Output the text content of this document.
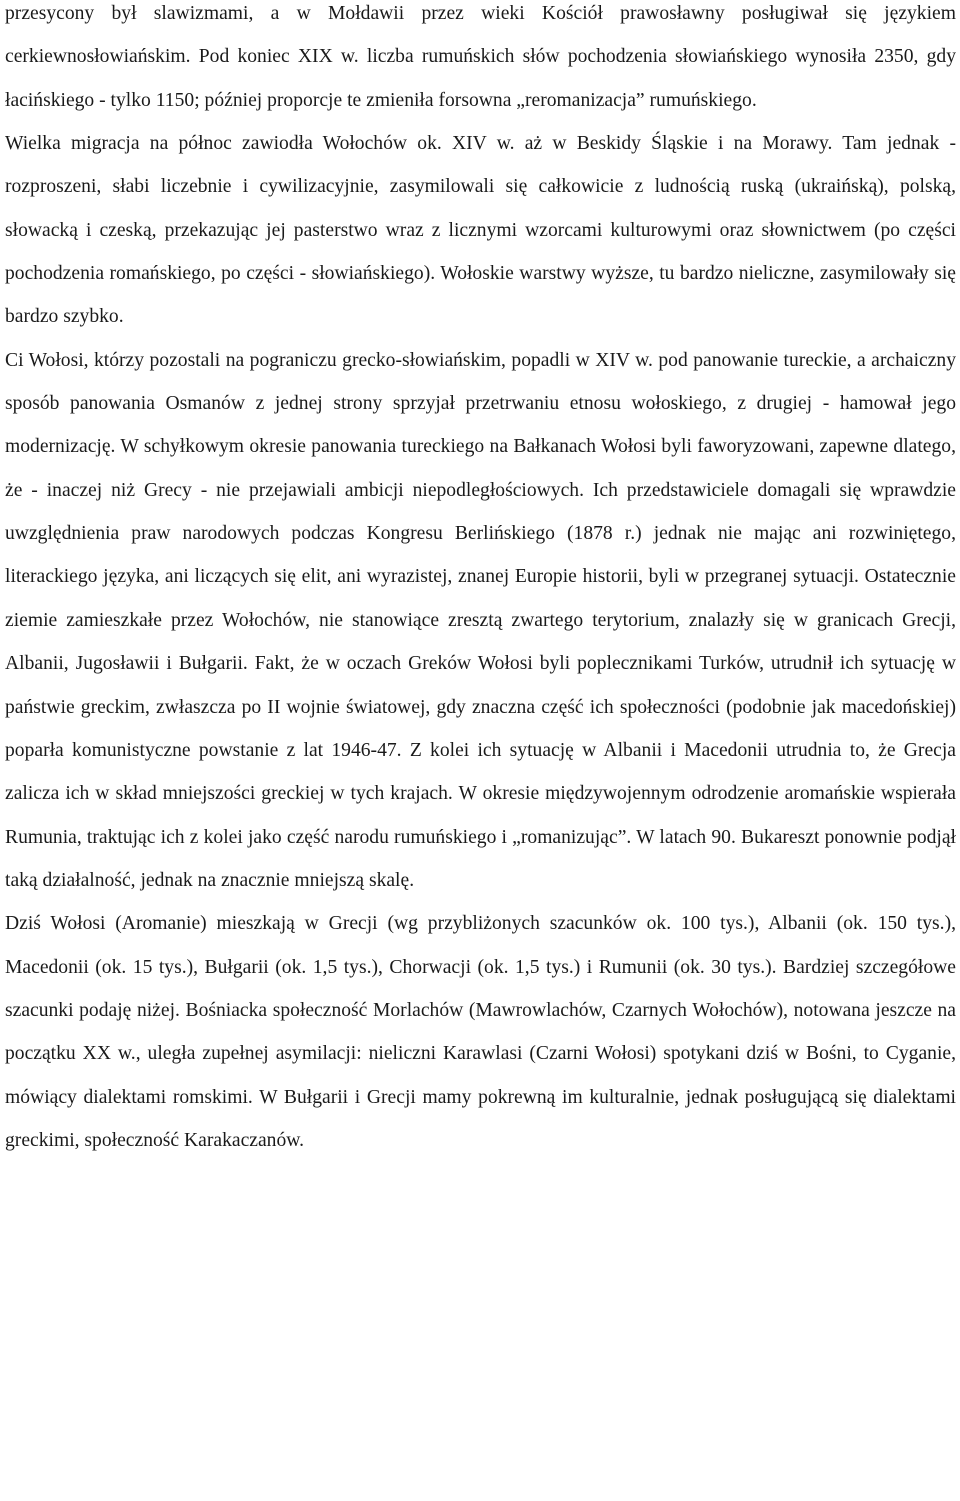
przesycony był slawizmami, a w Mołdawii przez wieki Kościół prawosławny posługiwał się językiem cerkiewnosłowiańskim. Pod koniec XIX w. liczba rumuńskich słów pochodzenia słowiańskiego wynosiła 2350, gdy łacińskiego - tylko 1150; później proporcje te zmieniła forsowna „reromanizacja” rumuńskiego.

Wielka migracja na północ zawiodła Wołochów ok. XIV w. aż w Beskidy Śląskie i na Morawy. Tam jednak - rozproszeni, słabi liczebnie i cywilizacyjnie, zasymilowali się całkowicie z ludnością ruską (ukraińską), polską, słowacką i czeską, przekazując jej pasterstwo wraz z licznymi wzorcami kulturowymi oraz słownictwem (po części pochodzenia romańskiego, po części - słowiańskiego). Wołoskie warstwy wyższe, tu bardzo nieliczne, zasymilowały się bardzo szybko.

Ci Wołosi, którzy pozostali na pograniczu grecko-słowiańskim, popadli w XIV w. pod panowanie tureckie, a archaiczny sposób panowania Osmanów z jednej strony sprzyjał przetrwaniu etnosu wołoskiego, z drugiej - hamował jego modernizację. W schyłkowym okresie panowania tureckiego na Bałkanach Wołosi byli faworyzowani, zapewne dlatego, że - inaczej niż Grecy - nie przejawiali ambicji niepodległościowych. Ich przedstawiciele domagali się wprawdzie uwzględnienia praw narodowych podczas Kongresu Berlińskiego (1878 r.) jednak nie mając ani rozwiniętego, literackiego języka, ani liczących się elit, ani wyrazistej, znanej Europie historii, byli w przegranej sytuacji. Ostatecznie ziemie zamieszkałe przez Wołochów, nie stanowiące zresztą zwartego terytorium, znalazły się w granicach Grecji, Albanii, Jugosławii i Bułgarii. Fakt, że w oczach Greków Wołosi byli poplecznikami Turków, utrudnił ich sytuację w państwie greckim, zwłaszcza po II wojnie światowej, gdy znaczna część ich społeczności (podobnie jak macedońskiej) poparła komunistyczne powstanie z lat 1946-47. Z kolei ich sytuację w Albanii i Macedonii utrudnia to, że Grecja zalicza ich w skład mniejszości greckiej w tych krajach. W okresie międzywojennym odrodzenie aromańskie wspierała Rumunia, traktując ich z kolei jako część narodu rumuńskiego i „romanizując”. W latach 90. Bukareszt ponownie podjął taką działalność, jednak na znacznie mniejszą skalę.

Dziś Wołosi (Aromanie) mieszkają w Grecji (wg przybliżonych szacunków ok. 100 tys.), Albanii (ok. 150 tys.), Macedonii (ok. 15 tys.), Bułgarii (ok. 1,5 tys.), Chorwacji (ok. 1,5 tys.) i Rumunii (ok. 30 tys.). Bardziej szczegółowe szacunki podaję niżej. Bośniacka społeczność Morlachów (Mawrowlachów, Czarnych Wołochów), notowana jeszcze na początku XX w., uległa zupełnej asymilacji: nieliczni Karawlasi (Czarni Wołosi) spotykani dziś w Bośni, to Cyganie, mówiący dialektami romskimi. W Bułgarii i Grecji mamy pokrewną im kulturalnie, jednak posługującą się dialektami greckimi, społeczność Karakaczanów.
